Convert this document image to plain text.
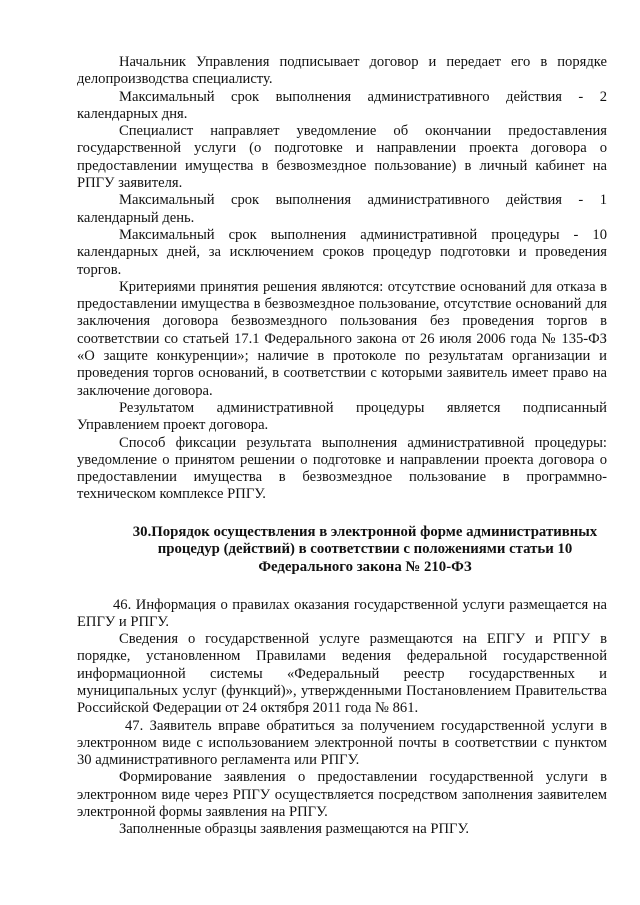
Начальник Управления подписывает договор и передает его в порядке делопроизводства специалисту.

Максимальный срок выполнения административного действия - 2 календарных дня.

Специалист направляет уведомление об окончании предоставления государственной услуги (о подготовке и направлении проекта договора о предоставлении имущества в безвозмездное пользование) в личный кабинет на РПГУ заявителя.

Максимальный срок выполнения административного действия - 1 календарный день.

Максимальный срок выполнения административной процедуры - 10 календарных дней, за исключением сроков процедур подготовки и проведения торгов.

Критериями принятия решения являются: отсутствие оснований для отказа в предоставлении имущества в безвозмездное пользование, отсутствие оснований для заключения договора безвозмездного пользования без проведения торгов в соответствии со статьей 17.1 Федерального закона от 26 июля 2006 года № 135-ФЗ «О защите конкуренции»; наличие в протоколе по результатам организации и проведения торгов оснований, в соответствии с которыми заявитель имеет право на заключение договора.

Результатом административной процедуры является подписанный Управлением проект договора.

Способ фиксации результата выполнения административной процедуры: уведомление о принятом решении о подготовке и направлении проекта договора о предоставлении имущества в безвозмездное пользование в программно-техническом комплексе РПГУ.

30.Порядок осуществления в электронной форме административных
процедур (действий) в соответствии с положениями статьи 10
Федерального закона № 210-ФЗ

46. Информация о правилах оказания государственной услуги размещается на ЕПГУ и РПГУ.

Сведения о государственной услуге размещаются на ЕПГУ и РПГУ в порядке, установленном Правилами ведения федеральной государственной информационной системы «Федеральный реестр государственных и муниципальных услуг (функций)», утвержденными Постановлением Правительства Российской Федерации от 24 октября 2011 года № 861.

47. Заявитель вправе обратиться за получением государственной услуги в электронном виде с использованием электронной почты в соответствии с пунктом 30 административного регламента или РПГУ.

Формирование заявления о предоставлении государственной услуги в электронном виде через РПГУ осуществляется посредством заполнения заявителем электронной формы заявления на РПГУ.

Заполненные образцы заявления размещаются на РПГУ.
